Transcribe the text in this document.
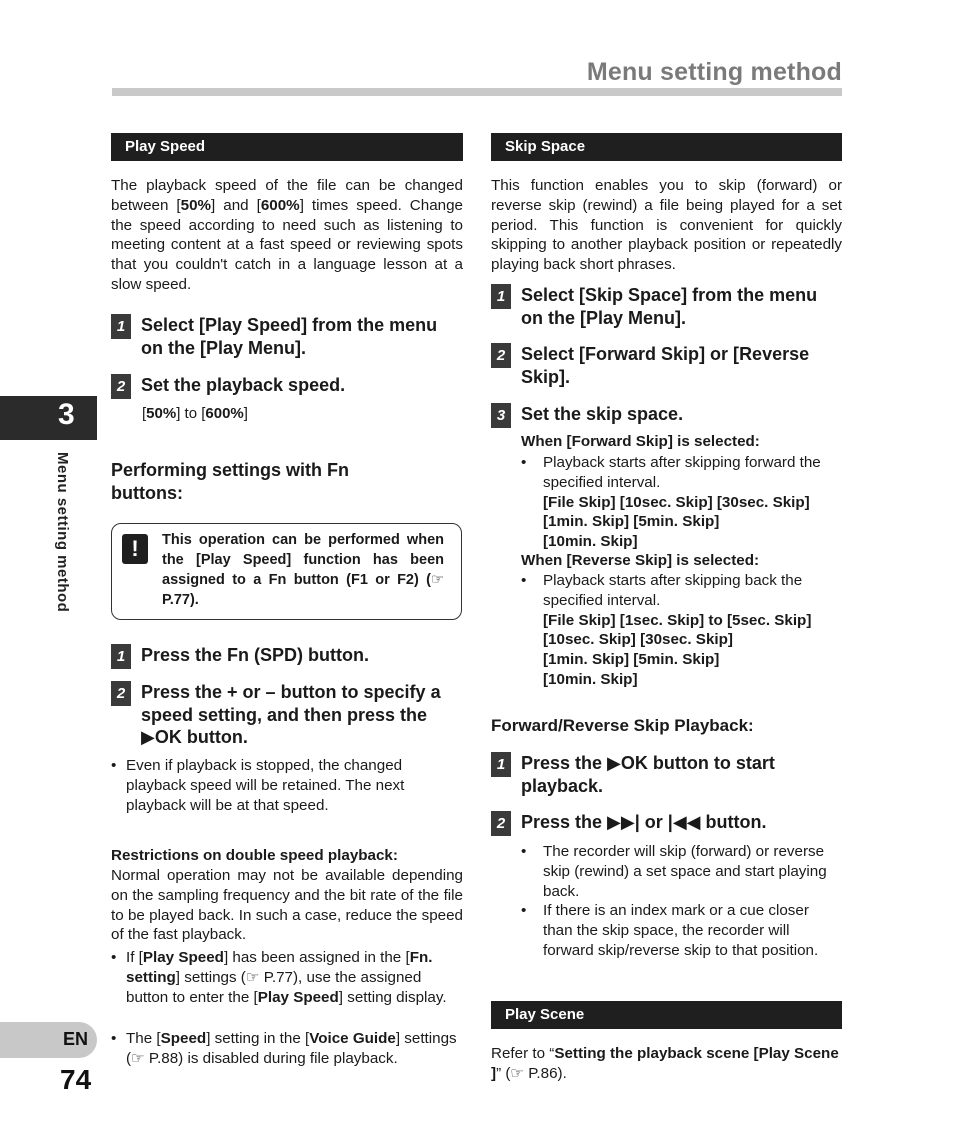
Menu setting method
3
Menu setting method
EN
74
Play Speed
The playback speed of the file can be changed between [50%] and [600%] times speed. Change the speed according to need such as listening to meeting content at a fast speed or reviewing spots that you couldn't catch in a language lesson at a slow speed.
1 Select [Play Speed] from the menu on the [Play Menu].
2 Set the playback speed.
[50%] to [600%]
Performing settings with Fn buttons:
!	This operation can be performed when the [Play Speed] function has been assigned to a Fn button (F1 or F2) (☞ P.77).
1 Press the Fn (SPD) button.
2 Press the + or – button to specify a speed setting, and then press the ▶OK button.
• Even if playback is stopped, the changed playback speed will be retained. The next playback will be at that speed.
Restrictions on double speed playback:
Normal operation may not be available depending on the sampling frequency and the bit rate of the file to be played back. In such a case, reduce the speed of the fast playback.
• If [Play Speed] has been assigned in the [Fn. setting] settings (☞ P.77), use the assigned button to enter the [Play Speed] setting display.
• The [Speed] setting in the [Voice Guide] settings (☞ P.88) is disabled during file playback.
Skip Space
This function enables you to skip (forward) or reverse skip (rewind) a file being played for a set period. This function is convenient for quickly skipping to another playback position or repeatedly playing back short phrases.
1 Select [Skip Space] from the menu on the [Play Menu].
2 Select [Forward Skip] or [Reverse Skip].
3 Set the skip space.
When [Forward Skip] is selected:
•	Playback starts after skipping forward the specified interval.
[File Skip] [10sec. Skip] [30sec. Skip]
[1min. Skip] [5min. Skip]
[10min. Skip]
When [Reverse Skip] is selected:
•	Playback starts after skipping back the specified interval.
[File Skip] [1sec. Skip] to [5sec. Skip]
[10sec. Skip] [30sec. Skip]
[1min. Skip] [5min. Skip]
[10min. Skip]
Forward/Reverse Skip Playback:
1 Press the ▶OK button to start playback.
2 Press the ▶▶| or |◀◀ button.
•	The recorder will skip (forward) or reverse skip (rewind) a set space and start playing back.
•	If there is an index mark or a cue closer than the skip space, the recorder will forward skip/reverse skip to that position.
Play Scene
Refer to “Setting the playback scene [Play Scene ]” (☞ P.86).
